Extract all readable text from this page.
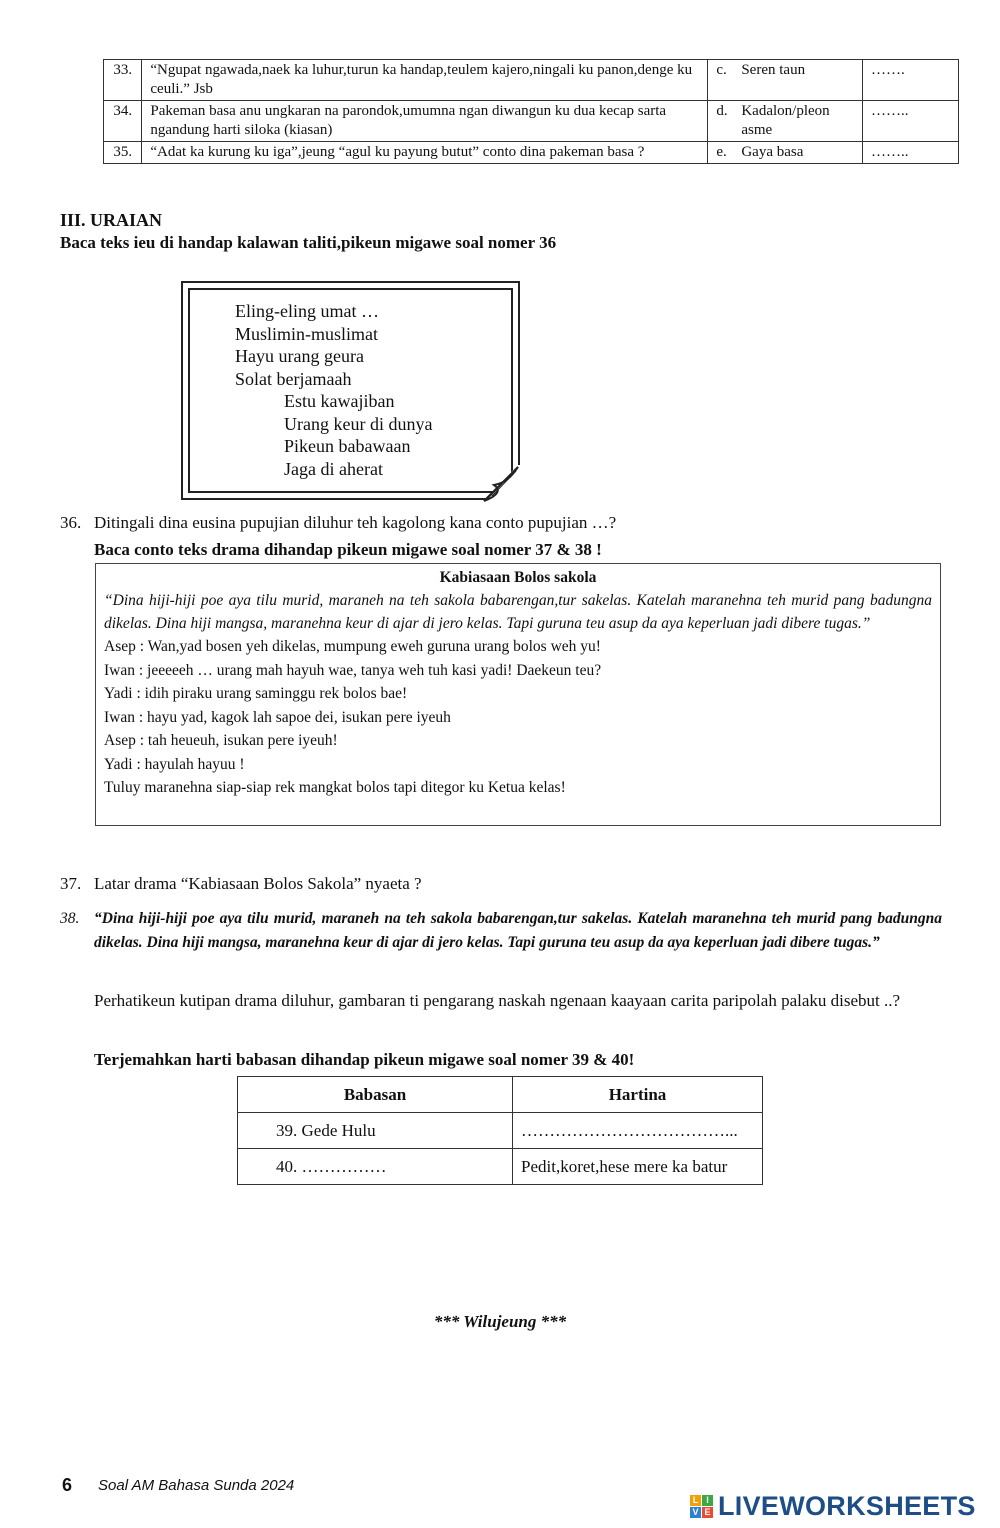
33.	“Ngupat ngawada,naek ka luhur,turun ka handap,teulem kajero,ningali ku panon,denge ku ceuli.” Jsb	c. Seren taun	…….
34.	Pakeman basa anu ungkaran na parondok,umumna ngan diwangun ku dua kecap sarta ngandung harti siloka (kiasan)	d. Kadalon/pleon asme	……..
35.	“Adat ka kurung ku iga”,jeung “agul ku payung butut” conto dina pakeman basa ?	e. Gaya basa	……..
III. URAIAN
Baca teks ieu di handap kalawan taliti,pikeun migawe soal nomer 36
Eling-eling umat …
Muslimin-muslimat
Hayu urang geura
Solat berjamaah
Estu kawajiban
Urang keur di dunya
Pikeun babawaan
Jaga di aherat
36. Ditingali dina eusina pupujian diluhur teh kagolong kana conto pupujian …?
Baca conto teks drama dihandap pikeun migawe soal nomer 37 & 38 !
Kabiasaan Bolos sakola
“Dina hiji-hiji poe aya tilu murid, maraneh na teh sakola babarengan,tur sakelas. Katelah maranehna teh murid pang badungna dikelas. Dina hiji mangsa, maranehna keur di ajar di jero kelas. Tapi guruna teu asup da aya keperluan jadi dibere tugas.”
Asep : Wan,yad bosen yeh dikelas, mumpung eweh guruna urang bolos weh yu!
Iwan : jeeeeeh … urang mah hayuh wae, tanya weh tuh kasi yadi! Daekeun teu?
Yadi : idih piraku urang saminggu rek bolos bae!
Iwan : hayu yad, kagok lah sapoe dei, isukan pere iyeuh
Asep : tah heueuh, isukan pere iyeuh!
Yadi : hayulah hayuu !
Tuluy maranehna siap-siap rek mangkat bolos tapi ditegor ku Ketua kelas!
37. Latar drama “Kabiasaan Bolos Sakola” nyaeta ?
38. “Dina hiji-hiji poe aya tilu murid, maraneh na teh sakola babarengan,tur sakelas. Katelah maranehna teh murid pang badungna dikelas. Dina hiji mangsa, maranehna keur di ajar di jero kelas. Tapi guruna teu asup da aya keperluan jadi dibere tugas.”
Perhatikeun kutipan drama diluhur, gambaran ti pengarang naskah ngenaan kaayaan carita paripolah palaku disebut ..?
Terjemahkan harti babasan dihandap pikeun migawe soal nomer 39 & 40!
Babasan	Hartina
39. Gede Hulu	………………………………...
40. ……………	Pedit,koret,hese mere ka batur
*** Wilujeung ***
6 Soal AM Bahasa Sunda 2024
L I
V E LIVEWORKSHEETS
